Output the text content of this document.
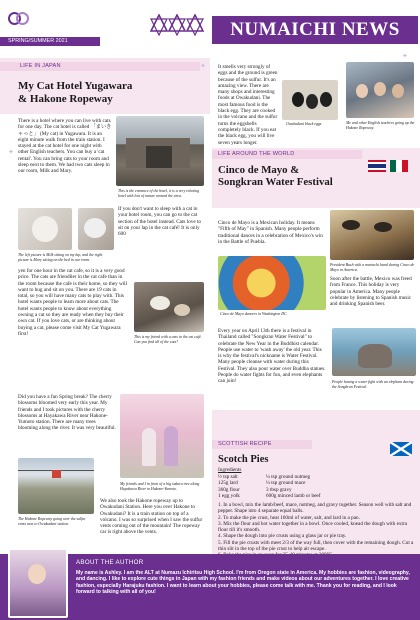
NUMAICHI NEWS
SPRING/SUMMER 2021
LIFE IN JAPAN
My Cat Hotel Yugawara
& Hakone Ropeway

There is a hotel where you can live with cats for one day. The cat hotel is called 「まいきゃっと」 (My cat) in Yugawara. It is an eight minute walk from the train station. I stayed at the cat hotel for one night with other English teachers. You can buy a 'cat rental'. You can bring cats to your room and sleep next to them. We had two cats sleep in our room, Milk and Mary.

This is the entrance of the hotel, it is a very relaxing hotel with lots of nature around the area.
The left picture is Milk sitting on my lap, and the right picture is Mary sitting on the bed in our room.

If you don't want to sleep with a cat in your hotel room, you can go to the cat section of the hotel instead. Cats love to sit on your lap in the cat café! It is only 600

yen for one hour in the cat cafe, so it is a very good price. The cats are friendlier in the cat cafe than in the room because the cafe is their home, so they will want to hug and sit on you. There are 19 cats in total, so you will have many cats to play with. This hotel wants people to learn more about cats. The hotel wants people to know about everything owning a cat so they are ready when they buy their own cat. If you love cats, or are thinking about buying a cat, please come visit My Cat Yugawara first!

This is my friend with a cats in the cat café. Can you find all of the cats?

Did you have a fun Spring break? The cherry blossoms bloomed very early this year. My friends and I took pictures with the cherry blossoms at Hayakawa River near Hakone-Yumoto station. There are many trees blooming along the river. It was very beautiful.

The Hakone Ropeway going over the sulfur vents next to Owakudani station.
My friends and I in front of a big sakura tree along Hayakawa River in Hakone-Yumoto.

We also took the Hakone ropeway up to Owakudani Station. Here you over Hakone to Owakudani? It is a train station on top of a volcano. I was so surprised when I saw the sulfur vents coming out of the mountain! The ropeway car is right above the vents.

It smells very strongly of eggs and the ground is green because of the sulfur. It's an amazing view. There are many shops and interesting foods at Owakudani. The most famous food is the black egg. They are cooked in the volcano and the sulfur turns the eggshells completely black. If you eat the black egg, you will live seven years longer.

Owakudani black eggs	Me and other English teachers going up the Hakone Ropeway.
LIFE AROUND THE WORLD
Cinco de Mayo &
Songkran Water Festival

Cinco de Mayo is a Mexican holiday. It means "Fifth of May" in Spanish. Many people perform traditional dances in a celebration of Mexico's win in the Battle of Puebla.

President Bush with a mariachi band during Cinco de Mayo in America.
Cinco de Mayo dancers in Washington DC.

Soon after the battle, Mexico was freed from France. This holiday is very popular in America. Many people celebrate by listening to Spanish music and drinking Spanish beer.

Every year on April 13th there is a festival in Thailand called "Songkran Water Festival" to celebrate the New Year in the Buddhist calendar. People use water to 'wash away' the old year. This is why the festival's nickname is Water Festival. Many people cleanse with water during this Festival. They also pour water over Buddha statues. People do water fights for fun, and even elephants can join!	People having a water fight with an elephant during the Songkran Festival.
SCOTTISH RECIPE
Scotch Pies
Ingredients
½ tsp salt	¼ tsp ground nutmeg
125g lard	¼ tsp ground mace
360g flour	3 tbsp gravy
1 egg yolk	600g minced lamb or beef
1. In a bowl, mix the lamb/beef, mace, nutmeg, and gravy together. Season well with salt and pepper. Shape into 4 separate equal balls.
2. To make the pie crust, heat 160ml of water, salt, and lard in a pan.
3. Mix the flour and hot water together in a bowl. Once cooled, knead the dough with extra flour till it's smooth.
4. Shape the dough into pie crusts using a glass jar or pie tray.
5. Fill the pie crusts with meet 2/3 of the way full, then cover with the remaining dough. Cut a thin slit in the top of the pie crust to help air escape.
ABOUT THE AUTHOR

My name is Ashley. I am the ALT at Numazu Ichiritsu High School. I'm from Oregon state in America. My hobbies are fashion, videography, and dancing. I like to explore cute things in Japan with my fashion friends and make videos about our adventures together. I love creative fashion, especially Harajuku fashion. I want to learn about your hobbies, please come talk with me. Thank you for reading, and I look forward to talking with all of you!

✦
✦
✦
